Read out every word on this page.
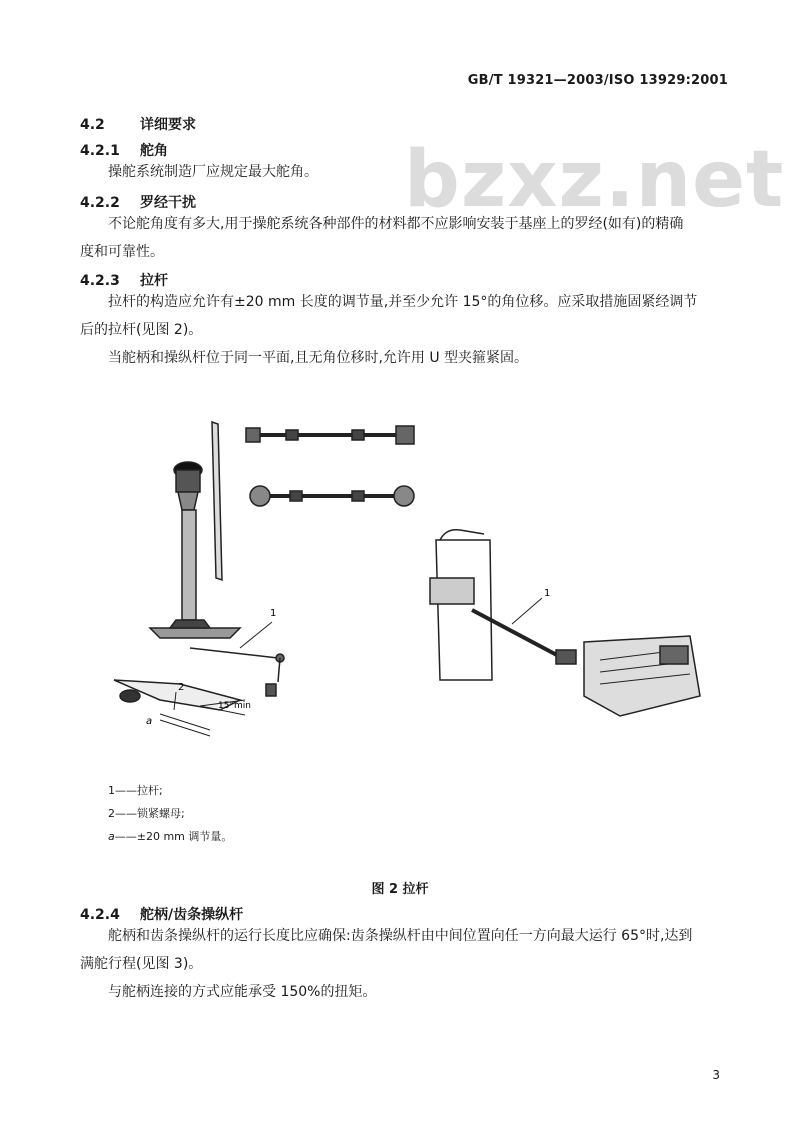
GB/T 19321—2003/ISO 13929:2001
bzxz.net
4.2	详细要求
4.2.1 舵角
操舵系统制造厂应规定最大舵角。
4.2.2 罗经干扰
不论舵角度有多大,用于操舵系统各种部件的材料都不应影响安装于基座上的罗经(如有)的精确
度和可靠性。
4.2.3 拉杆
拉杆的构造应允许有±20 mm 长度的调节量,并至少允许 15°的角位移。应采取措施固紧经调节
后的拉杆(见图 2)。
当舵柄和操纵杆位于同一平面,且无角位移时,允许用 U 型夹箍紧固。
1
2
15°min
a
1
1——拉杆;
2——锁紧螺母;
a——±20 mm 调节量。
图 2 拉杆
4.2.4 舵柄/齿条操纵杆
舵柄和齿条操纵杆的运行长度比应确保:齿条操纵杆由中间位置向任一方向最大运行 65°时,达到
满舵行程(见图 3)。
与舵柄连接的方式应能承受 150%的扭矩。
3
